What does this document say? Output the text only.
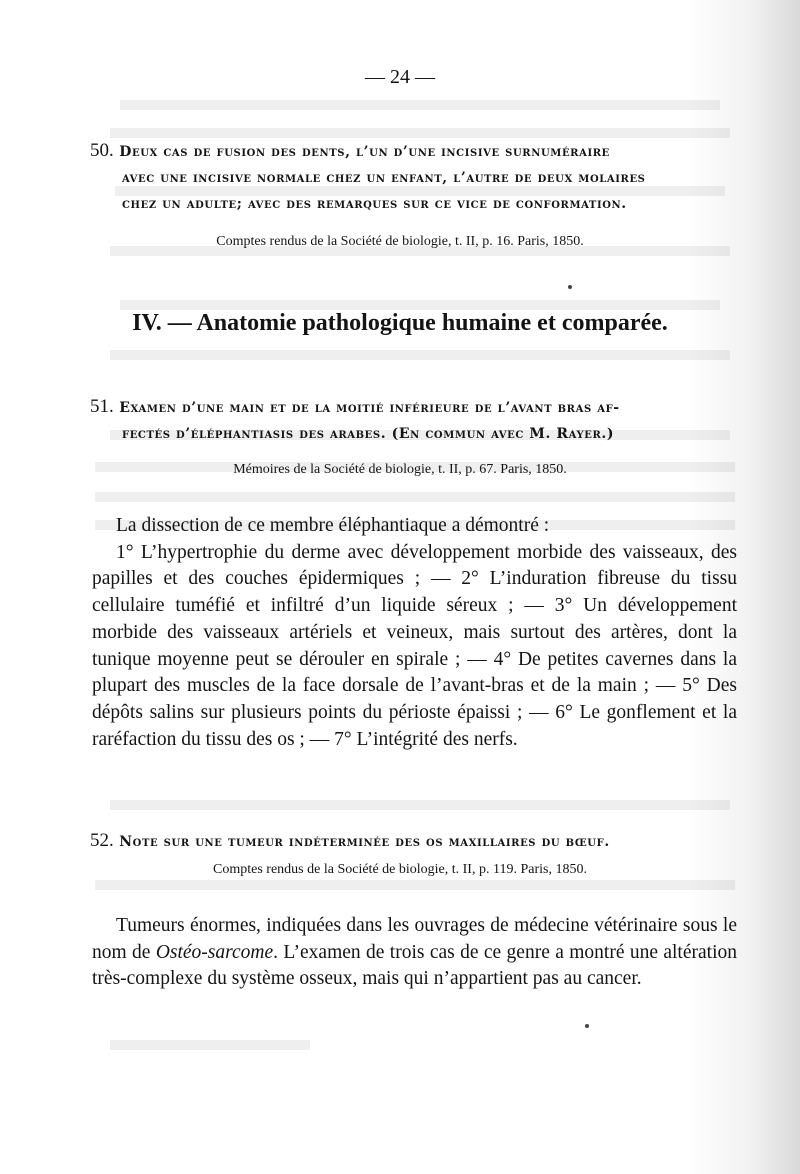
— 24 —
50. Deux cas de fusion des dents, l’un d’une incisive surnuméraire
avec une incisive normale chez un enfant, l’autre de deux molaires
chez un adulte; avec des remarques sur ce vice de conformation.
Comptes rendus de la Société de biologie, t. II, p. 16. Paris, 1850.
IV. — Anatomie pathologique humaine et comparée.
51. Examen d’une main et de la moitié inférieure de l’avant bras af-
fectés d’éléphantiasis des arabes. (En commun avec M. Rayer.)
Mémoires de la Société de biologie, t. II, p. 67. Paris, 1850.

La dissection de ce membre éléphantiaque a démontré :

1° L’hypertrophie du derme avec développement morbide des vaisseaux, des papilles et des couches épidermiques ; — 2° L’induration fibreuse du tissu cellulaire tuméfié et infiltré d’un liquide séreux ; — 3° Un développement morbide des vaisseaux artériels et veineux, mais surtout des artères, dont la tunique moyenne peut se dérouler en spirale ; — 4° De petites cavernes dans la plupart des muscles de la face dorsale de l’avant-bras et de la main ; — 5° Des dépôts salins sur plusieurs points du périoste épaissi ; — 6° Le gonflement et la raréfaction du tissu des os ; — 7° L’intégrité des nerfs.

52. Note sur une tumeur indéterminée des os maxillaires du bœuf.
Comptes rendus de la Société de biologie, t. II, p. 119. Paris, 1850.

Tumeurs énormes, indiquées dans les ouvrages de médecine vétérinaire sous le nom de Ostéo-sarcome. L’examen de trois cas de ce genre a montré une altération très-complexe du système osseux, mais qui n’appartient pas au cancer.
